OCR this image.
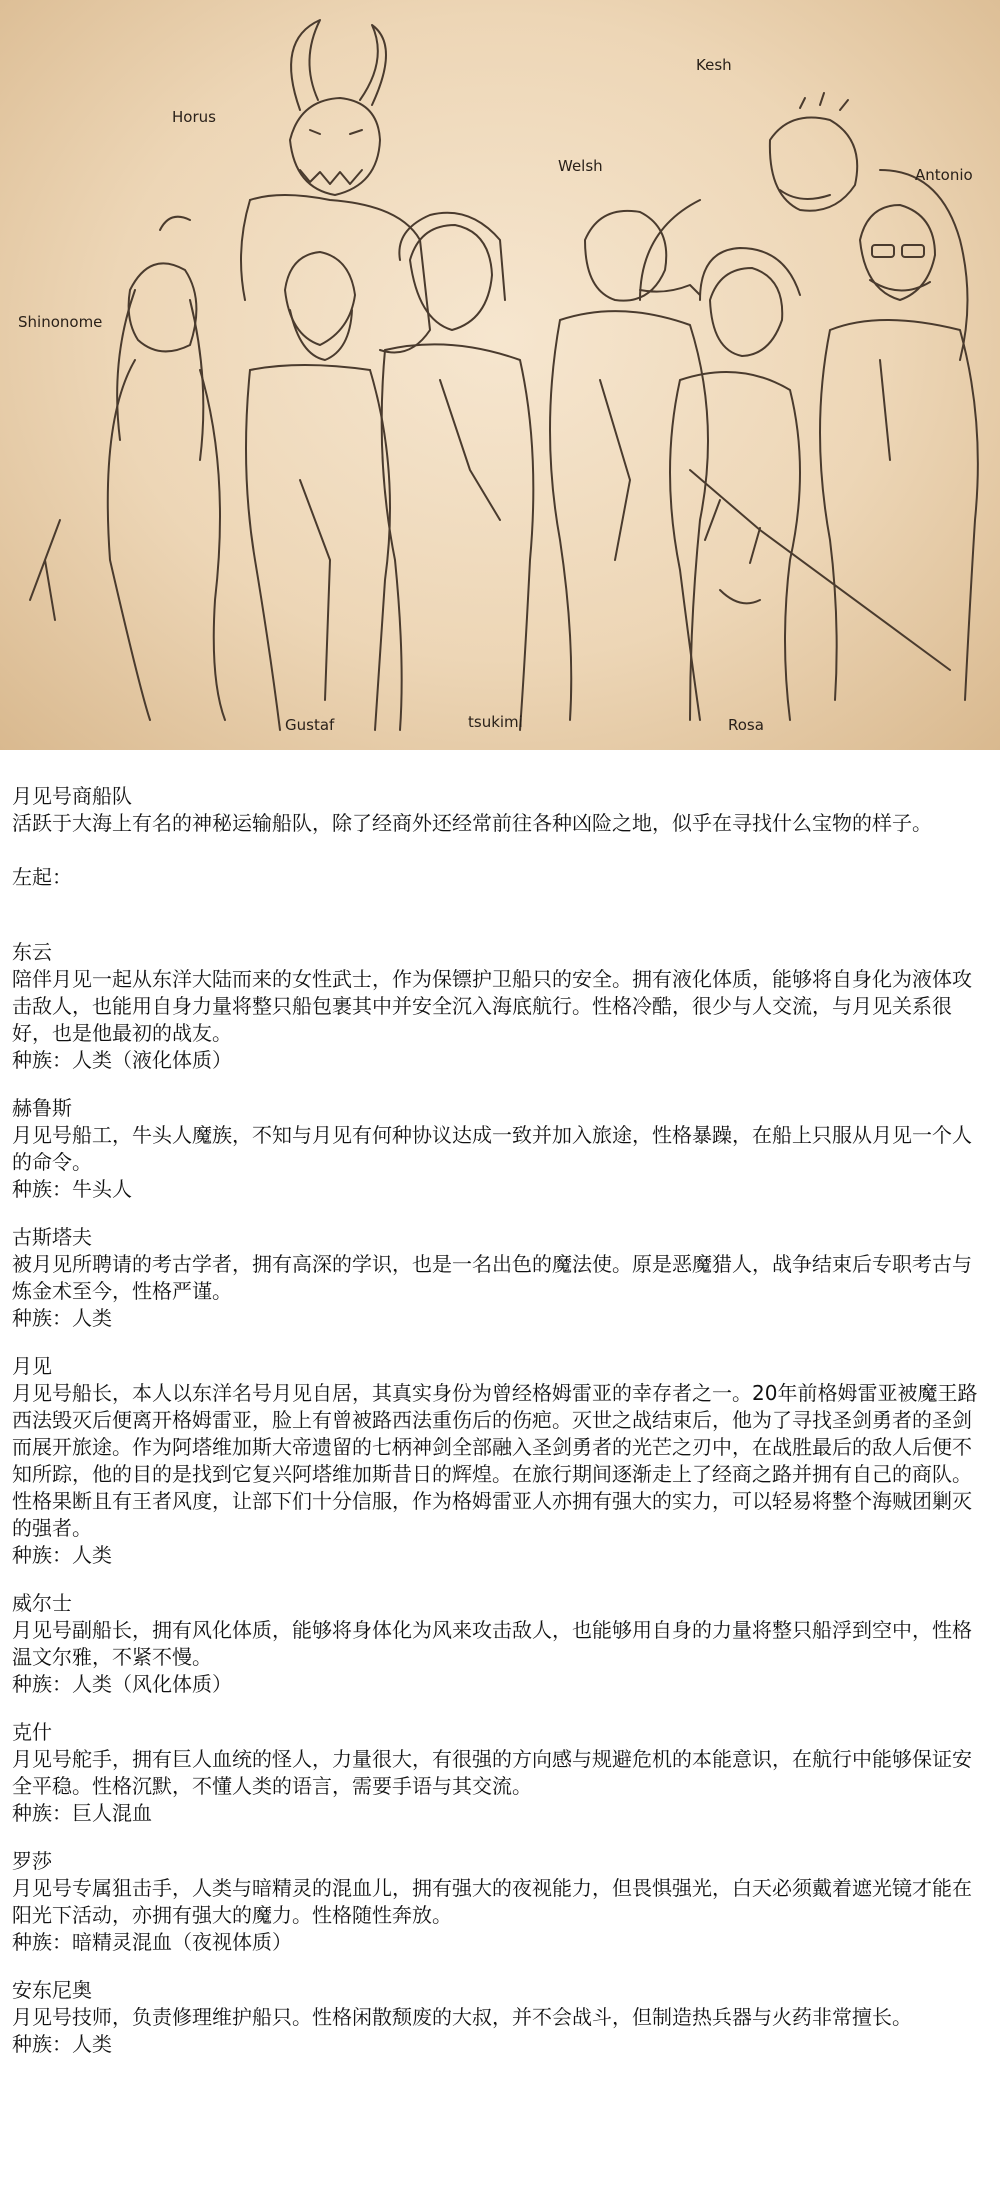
Horus
Kesh
Welsh	Antonio
Shinonome
Gustaf	tsukimi	Rosa

月见号商船队

活跃于大海上有名的神秘运输船队，除了经商外还经常前往各种凶险之地，似乎在寻找什么宝物的样子。

左起：

东云

陪伴月见一起从东洋大陆而来的女性武士，作为保镖护卫船只的安全。拥有液化体质，能够将自身化为液体攻击敌人，也能用自身力量将整只船包裹其中并安全沉入海底航行。性格冷酷，很少与人交流，与月见关系很好，也是他最初的战友。

种族：人类（液化体质）

赫鲁斯

月见号船工，牛头人魔族，不知与月见有何种协议达成一致并加入旅途，性格暴躁，在船上只服从月见一个人的命令。

种族：牛头人

古斯塔夫

被月见所聘请的考古学者，拥有高深的学识，也是一名出色的魔法使。原是恶魔猎人，战争结束后专职考古与炼金术至今，性格严谨。

种族：人类

月见

月见号船长，本人以东洋名号月见自居，其真实身份为曾经格姆雷亚的幸存者之一。20年前格姆雷亚被魔王路西法毁灭后便离开格姆雷亚，脸上有曾被路西法重伤后的伤疤。灭世之战结束后，他为了寻找圣剑勇者的圣剑而展开旅途。作为阿塔维加斯大帝遗留的七柄神剑全部融入圣剑勇者的光芒之刃中，在战胜最后的敌人后便不知所踪，他的目的是找到它复兴阿塔维加斯昔日的辉煌。在旅行期间逐渐走上了经商之路并拥有自己的商队。性格果断且有王者风度，让部下们十分信服，作为格姆雷亚人亦拥有强大的实力，可以轻易将整个海贼团剿灭的强者。

种族：人类

威尔士

月见号副船长，拥有风化体质，能够将身体化为风来攻击敌人，也能够用自身的力量将整只船浮到空中，性格温文尔雅，不紧不慢。

种族：人类（风化体质）

克什

月见号舵手，拥有巨人血统的怪人，力量很大，有很强的方向感与规避危机的本能意识，在航行中能够保证安全平稳。性格沉默，不懂人类的语言，需要手语与其交流。

种族：巨人混血

罗莎

月见号专属狙击手，人类与暗精灵的混血儿，拥有强大的夜视能力，但畏惧强光，白天必须戴着遮光镜才能在阳光下活动，亦拥有强大的魔力。性格随性奔放。

种族：暗精灵混血（夜视体质）

安东尼奥

月见号技师，负责修理维护船只。性格闲散颓废的大叔，并不会战斗，但制造热兵器与火药非常擅长。

种族：人类
